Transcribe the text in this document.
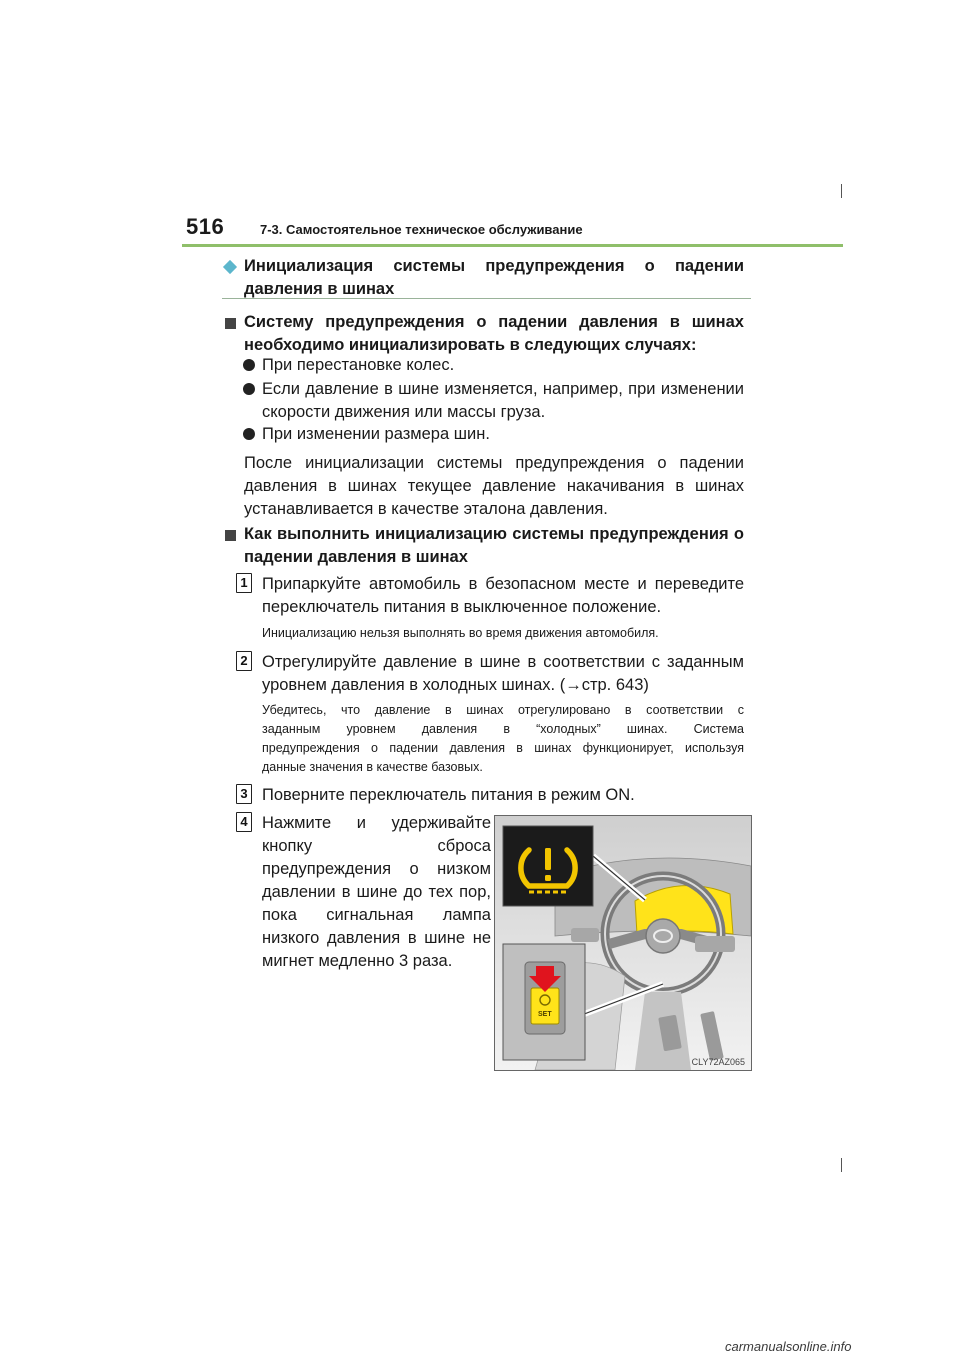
516	7-3. Самостоятельное техническое обслуживание
Инициализация системы предупреждения о падении
давления в шинах
Систему предупреждения о падении давления в шинах
необходимо инициализировать в следующих случаях:
При перестановке колес.
Если давление в шине изменяется, например, при изменении
скорости движения или массы груза.
При изменении размера шин.
После инициализации системы предупреждения о падении
давления в шинах текущее давление накачивания в шинах
устанавливается в качестве эталона давления.
Как выполнить инициализацию системы предупреждения о
падении давления в шинах
1 Припаркуйте автомобиль в безопасном месте и переведите
переключатель питания в выключенное положение.
Инициализацию нельзя выполнять во время движения автомобиля.
2 Отрегулируйте давление в шине в соответствии с заданным
уровнем давления в холодных шинах. (→стр. 643)
Убедитесь, что давление в шинах отрегулировано в соответствии с
заданным уровнем давления в “холодных” шинах. Система
предупреждения о падении давления в шинах функционирует, используя
данные значения в качестве базовых.
3 Поверните переключатель питания в режим ON.
4 Нажмите и удерживайте
кнопку сброса
предупреждения о низком
давлении в шине до тех пор,
пока сигнальная лампа
низкого давления в шине не
мигнет медленно 3 раза.
SET
CLY72AZ065
carmanualsonline.info
